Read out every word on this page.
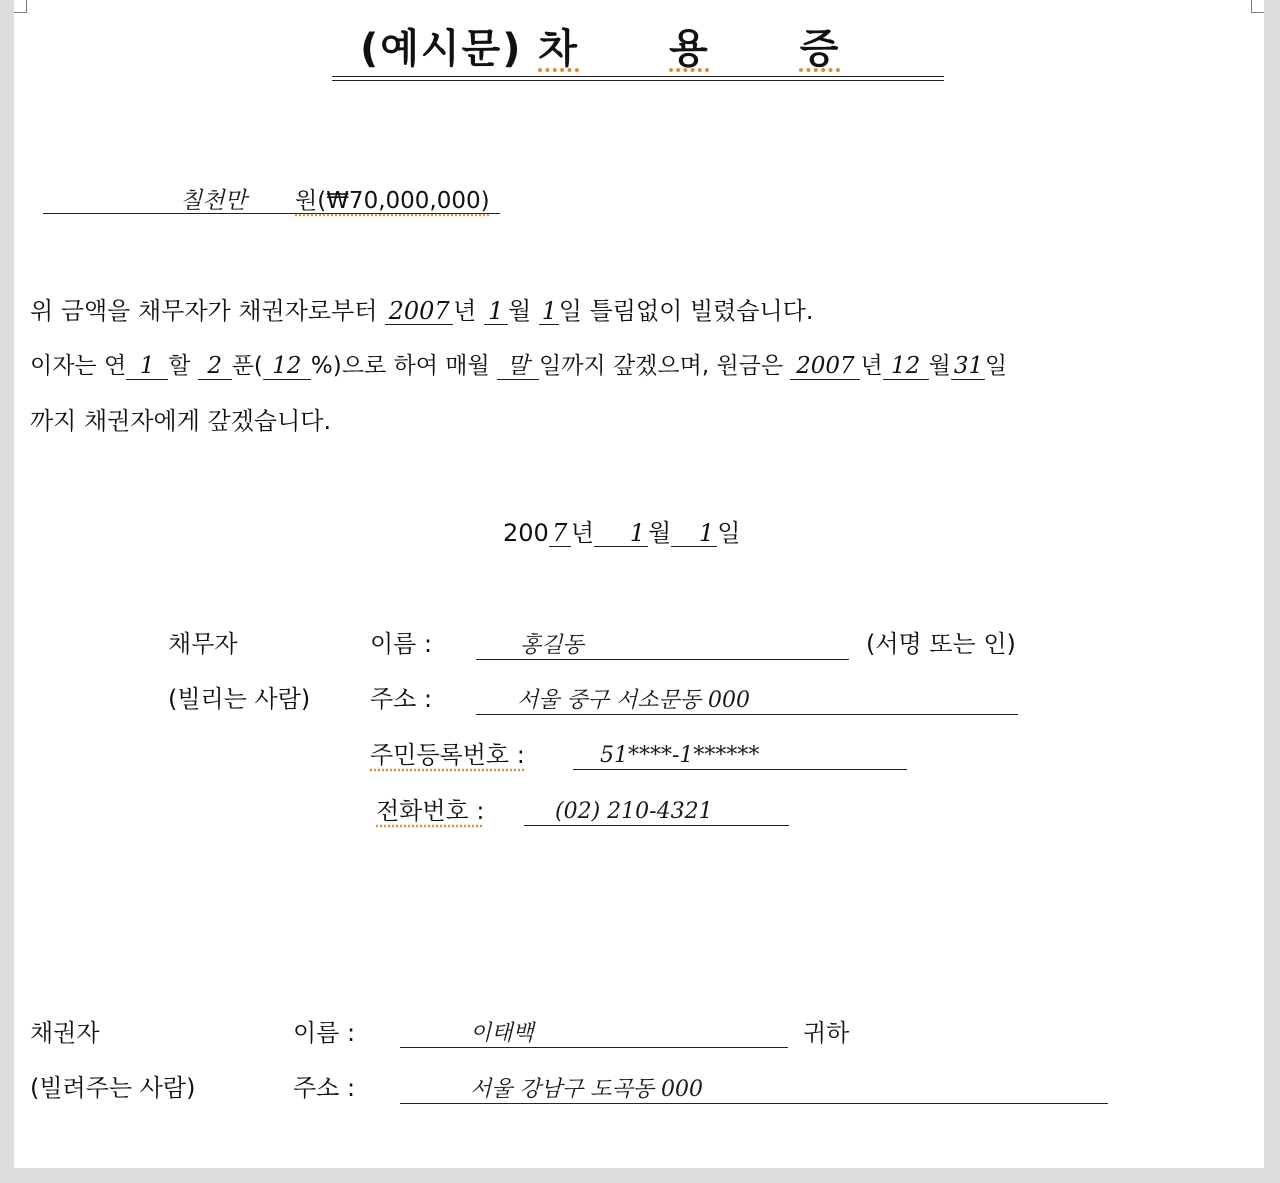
(예시문) 차 용 증
칠천만 원(₩70,000,000)
위 금액을 채무자가 채권자로부터 2007 년 1 월 1일 틀림없이 빌렸습니다.
이자는 연 1 할 2 푼( 12 %)으로 하여 매월 말 일까지 갚겠으며, 원금은 2007 년 12 월 31일
까지 채권자에게 갚겠습니다.
200 7 년 1 월 1 일
채무자
(빌리는 사람)
이름 :	홍길동	(서명 또는 인)
주소 :	서울 중구 서소문동 000
주민등록번호 :	51****-1******
전화번호 :	(02) 210-4321
채권자
(빌려주는 사람)
이름 :	이태백	귀하
주소 :	서울 강남구 도곡동 000
